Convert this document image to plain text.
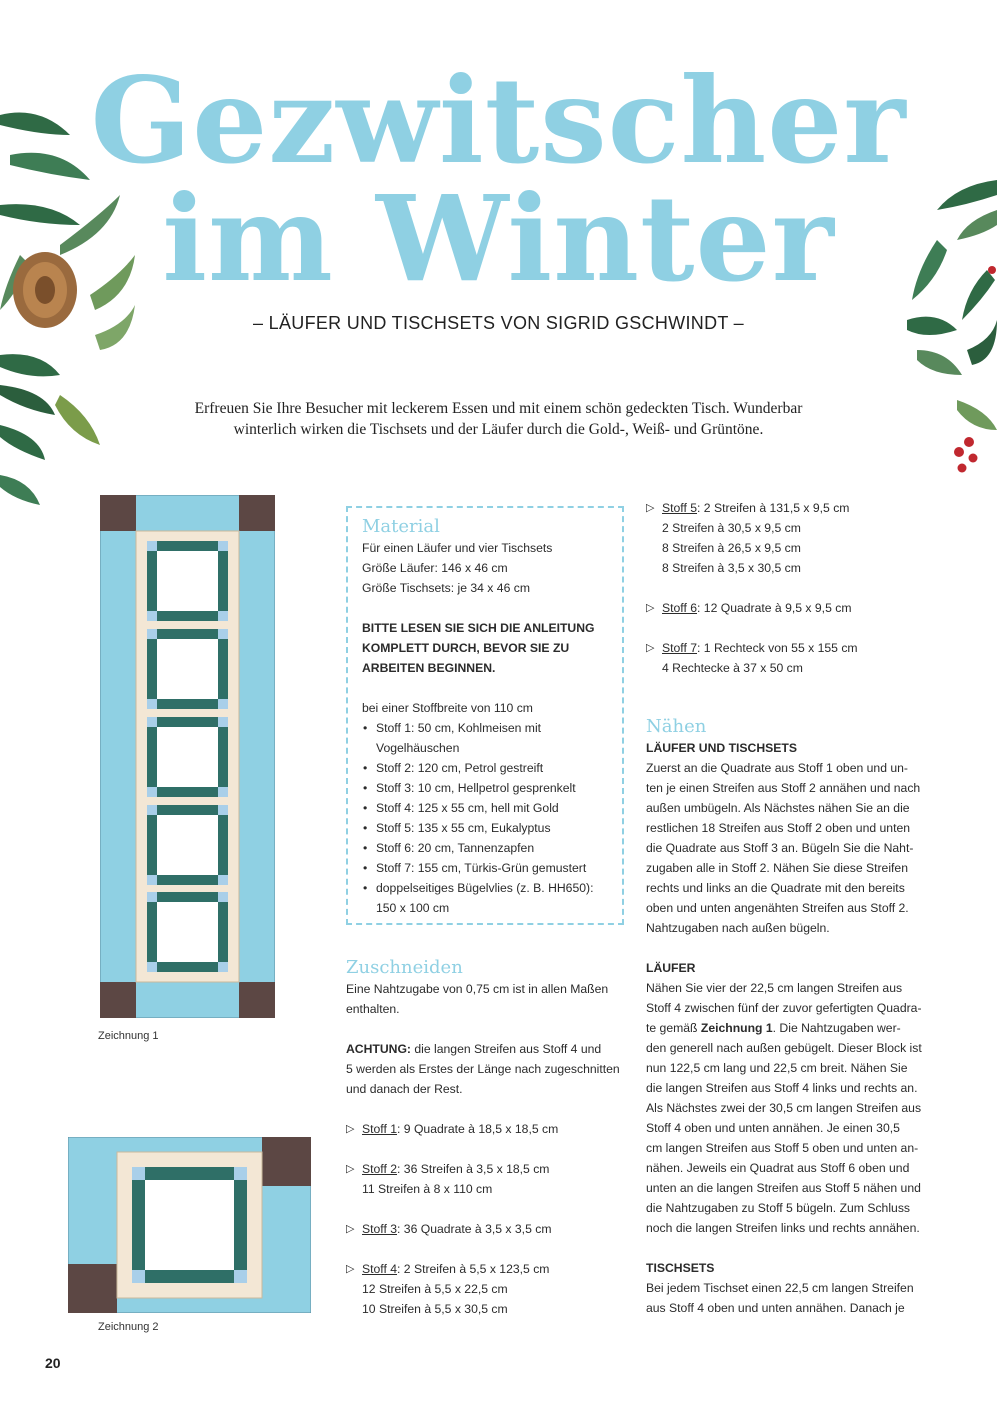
Gezwitscher
im Winter
– LÄUFER UND TISCHSETS VON SIGRID GSCHWINDT –
Erfreuen Sie Ihre Besucher mit leckerem Essen und mit einem schön gedeckten Tisch. Wunderbar
winterlich wirken die Tischsets und der Läufer durch die Gold-, Weiß- und Grüntöne.
Zeichnung 1
Zeichnung 2
Material
Für einen Läufer und vier Tischsets
Größe Läufer: 146 x 46 cm
Größe Tischsets: je 34 x 46 cm
BITTE LESEN SIE SICH DIE ANLEITUNG
KOMPLETT DURCH, BEVOR SIE ZU
ARBEITEN BEGINNEN.
bei einer Stoffbreite von 110 cm
• Stoff 1: 50 cm, Kohlmeisen mit
Vogelhäuschen
• Stoff 2: 120 cm, Petrol gestreift
• Stoff 3: 10 cm, Hellpetrol gesprenkelt
• Stoff 4: 125 x 55 cm, hell mit Gold
• Stoff 5: 135 x 55 cm, Eukalyptus
• Stoff 6: 20 cm, Tannenzapfen
• Stoff 7: 155 cm, Türkis-Grün gemustert
• doppelseitiges Bügelvlies (z. B. HH650):
150 x 100 cm
Zuschneiden
Eine Nahtzugabe von 0,75 cm ist in allen Maßen
enthalten.
ACHTUNG: die langen Streifen aus Stoff 4 und
5 werden als Erstes der Länge nach zugeschnitten
und danach der Rest.
▷ Stoff 1: 9 Quadrate à 18,5 x 18,5 cm
▷ Stoff 2: 36 Streifen à 3,5 x 18,5 cm
11 Streifen à 8 x 110 cm
▷ Stoff 3: 36 Quadrate à 3,5 x 3,5 cm
▷ Stoff 4: 2 Streifen à 5,5 x 123,5 cm
12 Streifen à 5,5 x 22,5 cm
10 Streifen à 5,5 x 30,5 cm
▷ Stoff 5: 2 Streifen à 131,5 x 9,5 cm
2 Streifen à 30,5 x 9,5 cm
8 Streifen à 26,5 x 9,5 cm
8 Streifen à 3,5 x 30,5 cm
▷ Stoff 6: 12 Quadrate à 9,5 x 9,5 cm
▷ Stoff 7: 1 Rechteck von 55 x 155 cm
4 Rechtecke à 37 x 50 cm
Nähen
LÄUFER UND TISCHSETS
Zuerst an die Quadrate aus Stoff 1 oben und un-
ten je einen Streifen aus Stoff 2 annähen und nach
außen umbügeln. Als Nächstes nähen Sie an die
restlichen 18 Streifen aus Stoff 2 oben und unten
die Quadrate aus Stoff 3 an. Bügeln Sie die Naht-
zugaben alle in Stoff 2. Nähen Sie diese Streifen
rechts und links an die Quadrate mit den bereits
oben und unten angenähten Streifen aus Stoff 2.
Nahtzugaben nach außen bügeln.
LÄUFER
Nähen Sie vier der 22,5 cm langen Streifen aus
Stoff 4 zwischen fünf der zuvor gefertigten Quadra-
te gemäß Zeichnung 1. Die Nahtzugaben wer-
den generell nach außen gebügelt. Dieser Block ist
nun 122,5 cm lang und 22,5 cm breit. Nähen Sie
die langen Streifen aus Stoff 4 links und rechts an.
Als Nächstes zwei der 30,5 cm langen Streifen aus
Stoff 4 oben und unten annähen. Je einen 30,5
cm langen Streifen aus Stoff 5 oben und unten an-
nähen. Jeweils ein Quadrat aus Stoff 6 oben und
unten an die langen Streifen aus Stoff 5 nähen und
die Nahtzugaben zu Stoff 5 bügeln. Zum Schluss
noch die langen Streifen links und rechts annähen.
TISCHSETS
Bei jedem Tischset einen 22,5 cm langen Streifen
aus Stoff 4 oben und unten annähen. Danach je
20
